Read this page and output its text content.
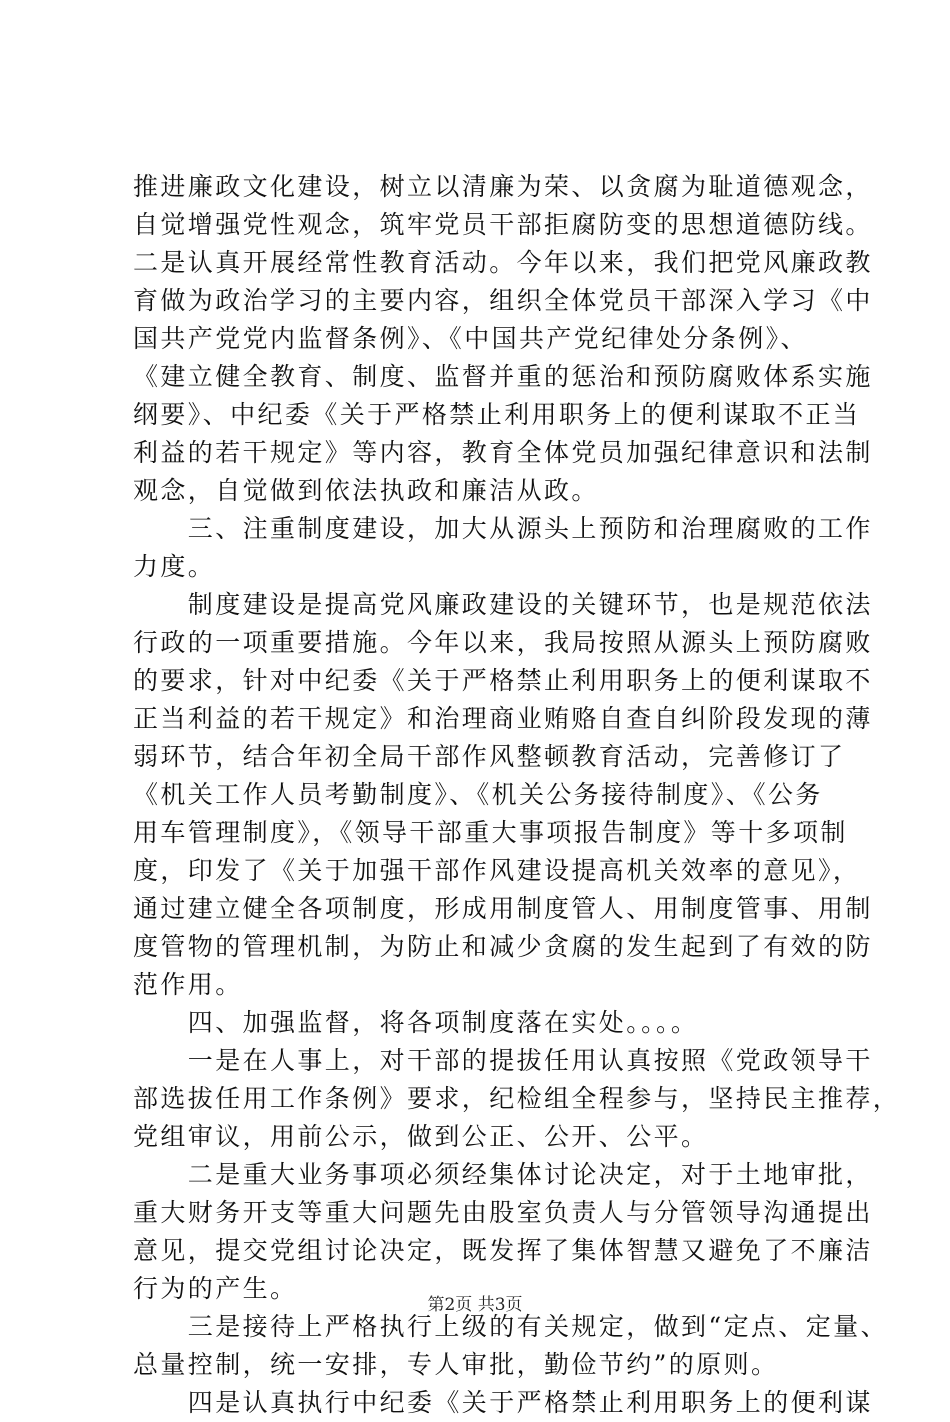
推进廉政文化建设，树立以清廉为荣、以贪腐为耻道德观念，
自觉增强党性观念，筑牢党员干部拒腐防变的思想道德防线。
二是认真开展经常性教育活动。今年以来，我们把党风廉政教
育做为政治学习的主要内容，组织全体党员干部深入学习《中
国共产党党内监督条例》、《中国共产党纪律处分条例》、
《建立健全教育、制度、监督并重的惩治和预防腐败体系实施
纲要》、中纪委《关于严格禁止利用职务上的便利谋取不正当
利益的若干规定》等内容，教育全体党员加强纪律意识和法制
观念，自觉做到依法执政和廉洁从政。
　　三、注重制度建设，加大从源头上预防和治理腐败的工作
力度。
　　制度建设是提高党风廉政建设的关键环节，也是规范依法
行政的一项重要措施。今年以来，我局按照从源头上预防腐败
的要求，针对中纪委《关于严格禁止利用职务上的便利谋取不
正当利益的若干规定》和治理商业贿赂自查自纠阶段发现的薄
弱环节，结合年初全局干部作风整顿教育活动，完善修订了
《机关工作人员考勤制度》、《机关公务接待制度》、《公务
用车管理制度》，《领导干部重大事项报告制度》等十多项制
度，印发了《关于加强干部作风建设提高机关效率的意见》，
通过建立健全各项制度，形成用制度管人、用制度管事、用制
度管物的管理机制，为防止和减少贪腐的发生起到了有效的防
范作用。
　　四、加强监督，将各项制度落在实处。。。。
　　一是在人事上，对干部的提拔任用认真按照《党政领导干
部选拔任用工作条例》要求，纪检组全程参与，坚持民主推荐，
党组审议，用前公示，做到公正、公开、公平。
　　二是重大业务事项必须经集体讨论决定，对于土地审批，
重大财务开支等重大问题先由股室负责人与分管领导沟通提出
意见，提交党组讨论决定，既发挥了集体智慧又避免了不廉洁
行为的产生。
　　三是接待上严格执行上级的有关规定，做到“定点、定量、
总量控制，统一安排，专人审批，勤俭节约”的原则。
　　四是认真执行中纪委《关于严格禁止利用职务上的便利谋
第2页 共3页
